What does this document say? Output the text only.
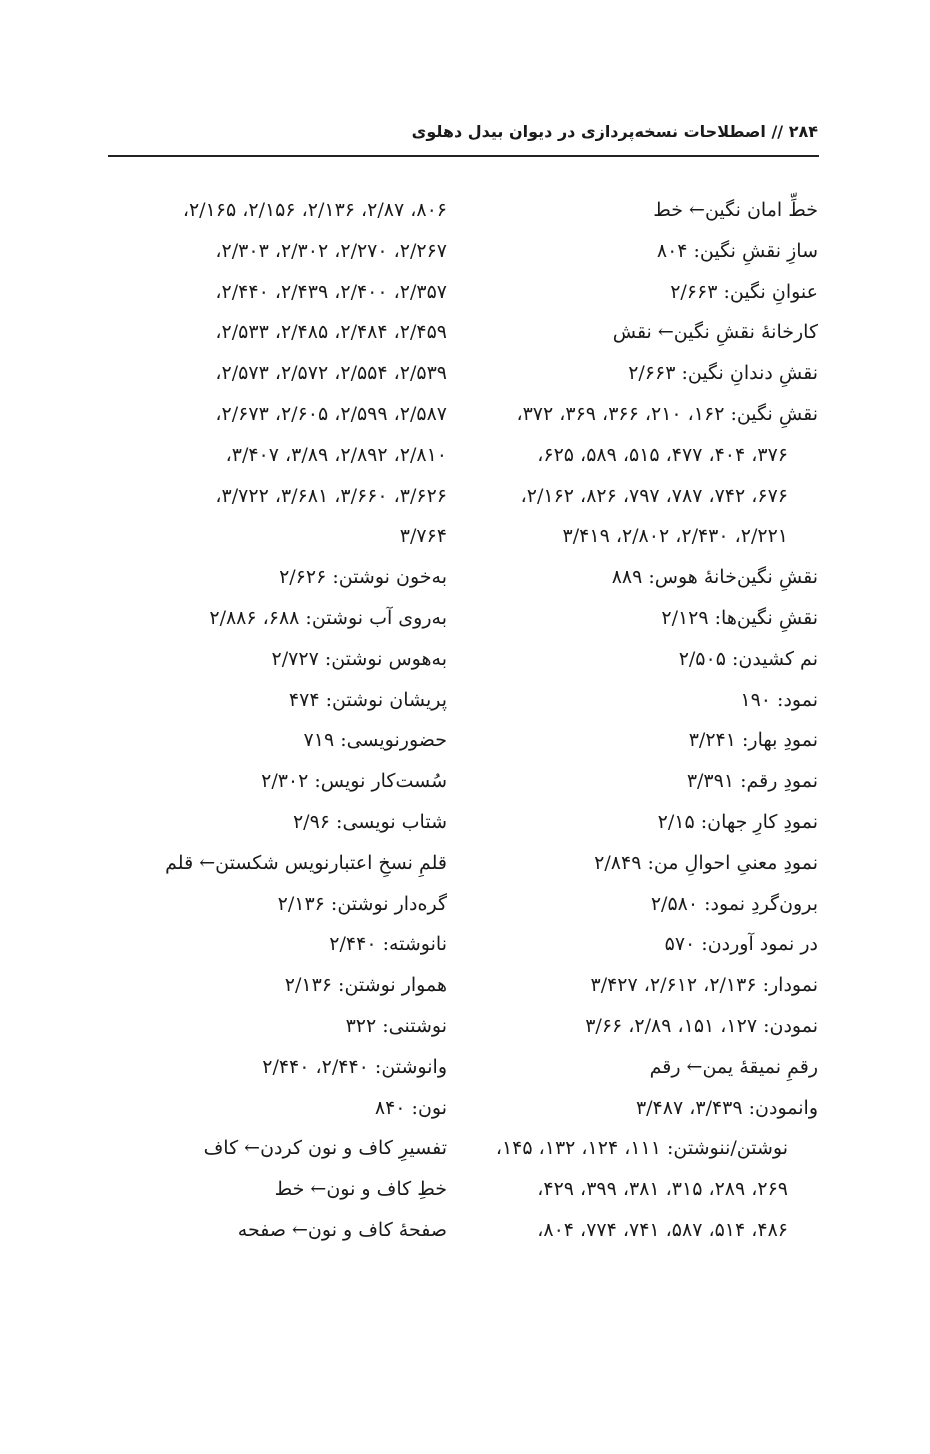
۲۸۴ // اصطلاحات نسخه‌پردازی در دیوان بیدل دهلوی
خطِّ امان نگین← خط
سازِ نقشِ نگین: ۸۰۴
عنوانِ نگین: ۲/۶۶۳
کارخانهٔ نقشِ نگین← نقش
نقشِ دندانِ نگین: ۲/۶۶۳
نقشِ نگین: ۱۶۲، ۲۱۰، ۳۶۶، ۳۶۹، ۳۷۲،
۳۷۶، ۴۰۴، ۴۷۷، ۵۱۵، ۵۸۹، ۶۲۵،
۶۷۶، ۷۴۲، ۷۸۷، ۷۹۷، ۸۲۶، ۲/۱۶۲،
۲/۲۲۱، ۲/۴۳۰، ۲/۸۰۲، ۳/۴۱۹
نقشِ نگین‌خانهٔ هوس: ۸۸۹
نقشِ نگین‌ها: ۲/۱۲۹
نم کشیدن: ۲/۵۰۵
نمود: ۱۹۰
نمودِ بهار: ۳/۲۴۱
نمودِ رقم: ۳/۳۹۱
نمودِ کارِ جهان: ۲/۱۵
نمودِ معنیِ احوالِ من: ۲/۸۴۹
برون‌گردِ نمود: ۲/۵۸۰
در نمود آوردن: ۵۷۰
نمودار: ۲/۱۳۶، ۲/۶۱۲، ۳/۴۲۷
نمودن: ۱۲۷، ۱۵۱، ۲/۸۹، ۳/۶۶
رقمِ نمیقهٔ یمن← رقم
وانمودن: ۳/۴۳۹، ۳/۴۸۷
نوشتن/ننوشتن: ۱۱۱، ۱۲۴، ۱۳۲، ۱۴۵،
۲۶۹، ۲۸۹، ۳۱۵، ۳۸۱، ۳۹۹، ۴۲۹،
۴۸۶، ۵۱۴، ۵۸۷، ۷۴۱، ۷۷۴، ۸۰۴،
۸۰۶، ۲/۸۷، ۲/۱۳۶، ۲/۱۵۶، ۲/۱۶۵،
۲/۲۶۷، ۲/۲۷۰، ۲/۳۰۲، ۲/۳۰۳،
۲/۳۵۷، ۲/۴۰۰، ۲/۴۳۹، ۲/۴۴۰،
۲/۴۵۹، ۲/۴۸۴، ۲/۴۸۵، ۲/۵۳۳،
۲/۵۳۹، ۲/۵۵۴، ۲/۵۷۲، ۲/۵۷۳،
۲/۵۸۷، ۲/۵۹۹، ۲/۶۰۵، ۲/۶۷۳،
۲/۸۱۰، ۲/۸۹۲، ۳/۸۹، ۳/۴۰۷،
۳/۶۲۶، ۳/۶۶۰، ۳/۶۸۱، ۳/۷۲۲،
۳/۷۶۴
به‌خون نوشتن: ۲/۶۲۶
به‌روی آب نوشتن: ۶۸۸، ۲/۸۸۶
به‌هوس نوشتن: ۲/۷۲۷
پریشان نوشتن: ۴۷۴
حضورنویسی: ۷۱۹
سُست‌کار نویس: ۲/۳۰۲
شتاب نویسی: ۲/۹۶
قلمِ نسخِ اعتبارنویس شکستن← قلم
گره‌دار نوشتن: ۲/۱۳۶
نانوشته: ۲/۴۴۰
هموار نوشتن: ۲/۱۳۶
نوشتنی: ۳۲۲
وانوشتن: ۲/۴۴۰، ۲/۴۴۰
نون: ۸۴۰
تفسیرِ کاف و نون کردن← کاف
خطِ کاف و نون← خط
صفحهٔ کاف و نون← صفحه
